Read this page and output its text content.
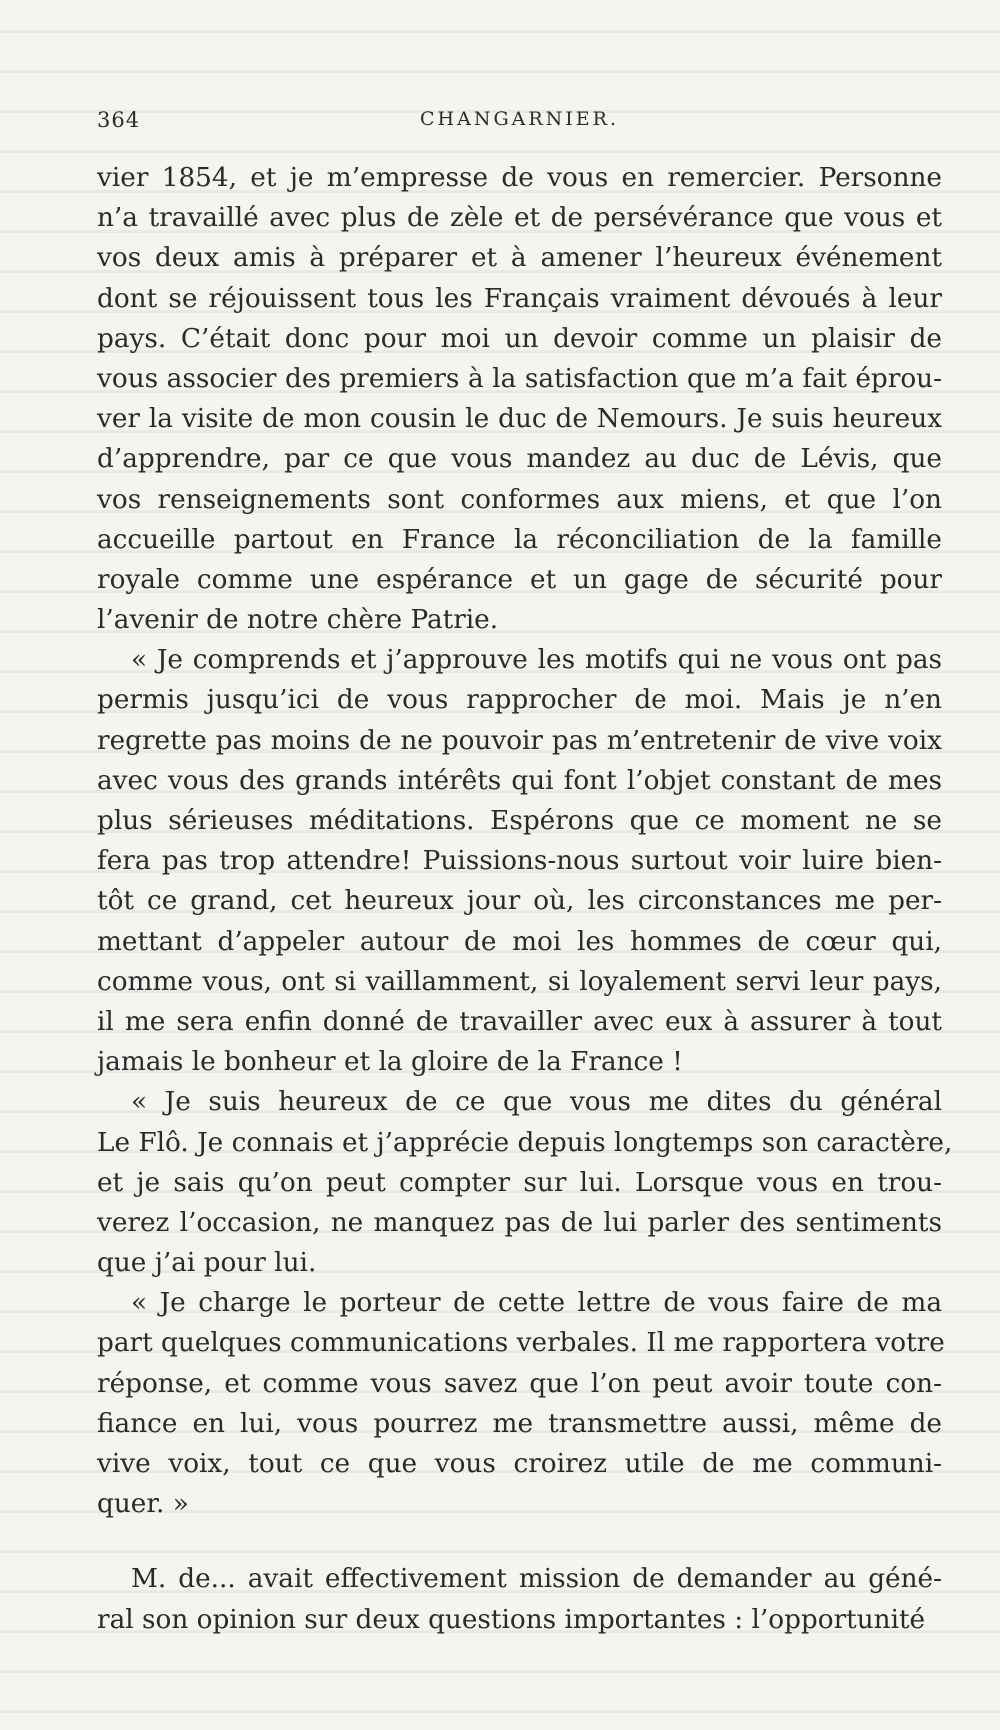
364	CHANGARNIER.
vier 1854, et je m’empresse de vous en remercier. Personne
n’a travaillé avec plus de zèle et de persévérance que vous et
vos deux amis à préparer et à amener l’heureux événement
dont se réjouissent tous les Français vraiment dévoués à leur
pays. C’était donc pour moi un devoir comme un plaisir de
vous associer des premiers à la satisfaction que m’a fait éprou-
ver la visite de mon cousin le duc de Nemours. Je suis heureux
d’apprendre, par ce que vous mandez au duc de Lévis, que
vos renseignements sont conformes aux miens, et que l’on
accueille partout en France la réconciliation de la famille
royale comme une espérance et un gage de sécurité pour
l’avenir de notre chère Patrie.
« Je comprends et j’approuve les motifs qui ne vous ont pas
permis jusqu’ici de vous rapprocher de moi. Mais je n’en
regrette pas moins de ne pouvoir pas m’entretenir de vive voix
avec vous des grands intérêts qui font l’objet constant de mes
plus sérieuses méditations. Espérons que ce moment ne se
fera pas trop attendre! Puissions-nous surtout voir luire bien-
tôt ce grand, cet heureux jour où, les circonstances me per-
mettant d’appeler autour de moi les hommes de cœur qui,
comme vous, ont si vaillamment, si loyalement servi leur pays,
il me sera enfin donné de travailler avec eux à assurer à tout
jamais le bonheur et la gloire de la France !
« Je suis heureux de ce que vous me dites du général
Le Flô. Je connais et j’apprécie depuis longtemps son caractère,
et je sais qu’on peut compter sur lui. Lorsque vous en trou-
verez l’occasion, ne manquez pas de lui parler des sentiments
que j’ai pour lui.
« Je charge le porteur de cette lettre de vous faire de ma
part quelques communications verbales. Il me rapportera votre
réponse, et comme vous savez que l’on peut avoir toute con-
fiance en lui, vous pourrez me transmettre aussi, même de
vive voix, tout ce que vous croirez utile de me communi-
quer. »
M. de... avait effectivement mission de demander au géné-
ral son opinion sur deux questions importantes : l’opportunité
